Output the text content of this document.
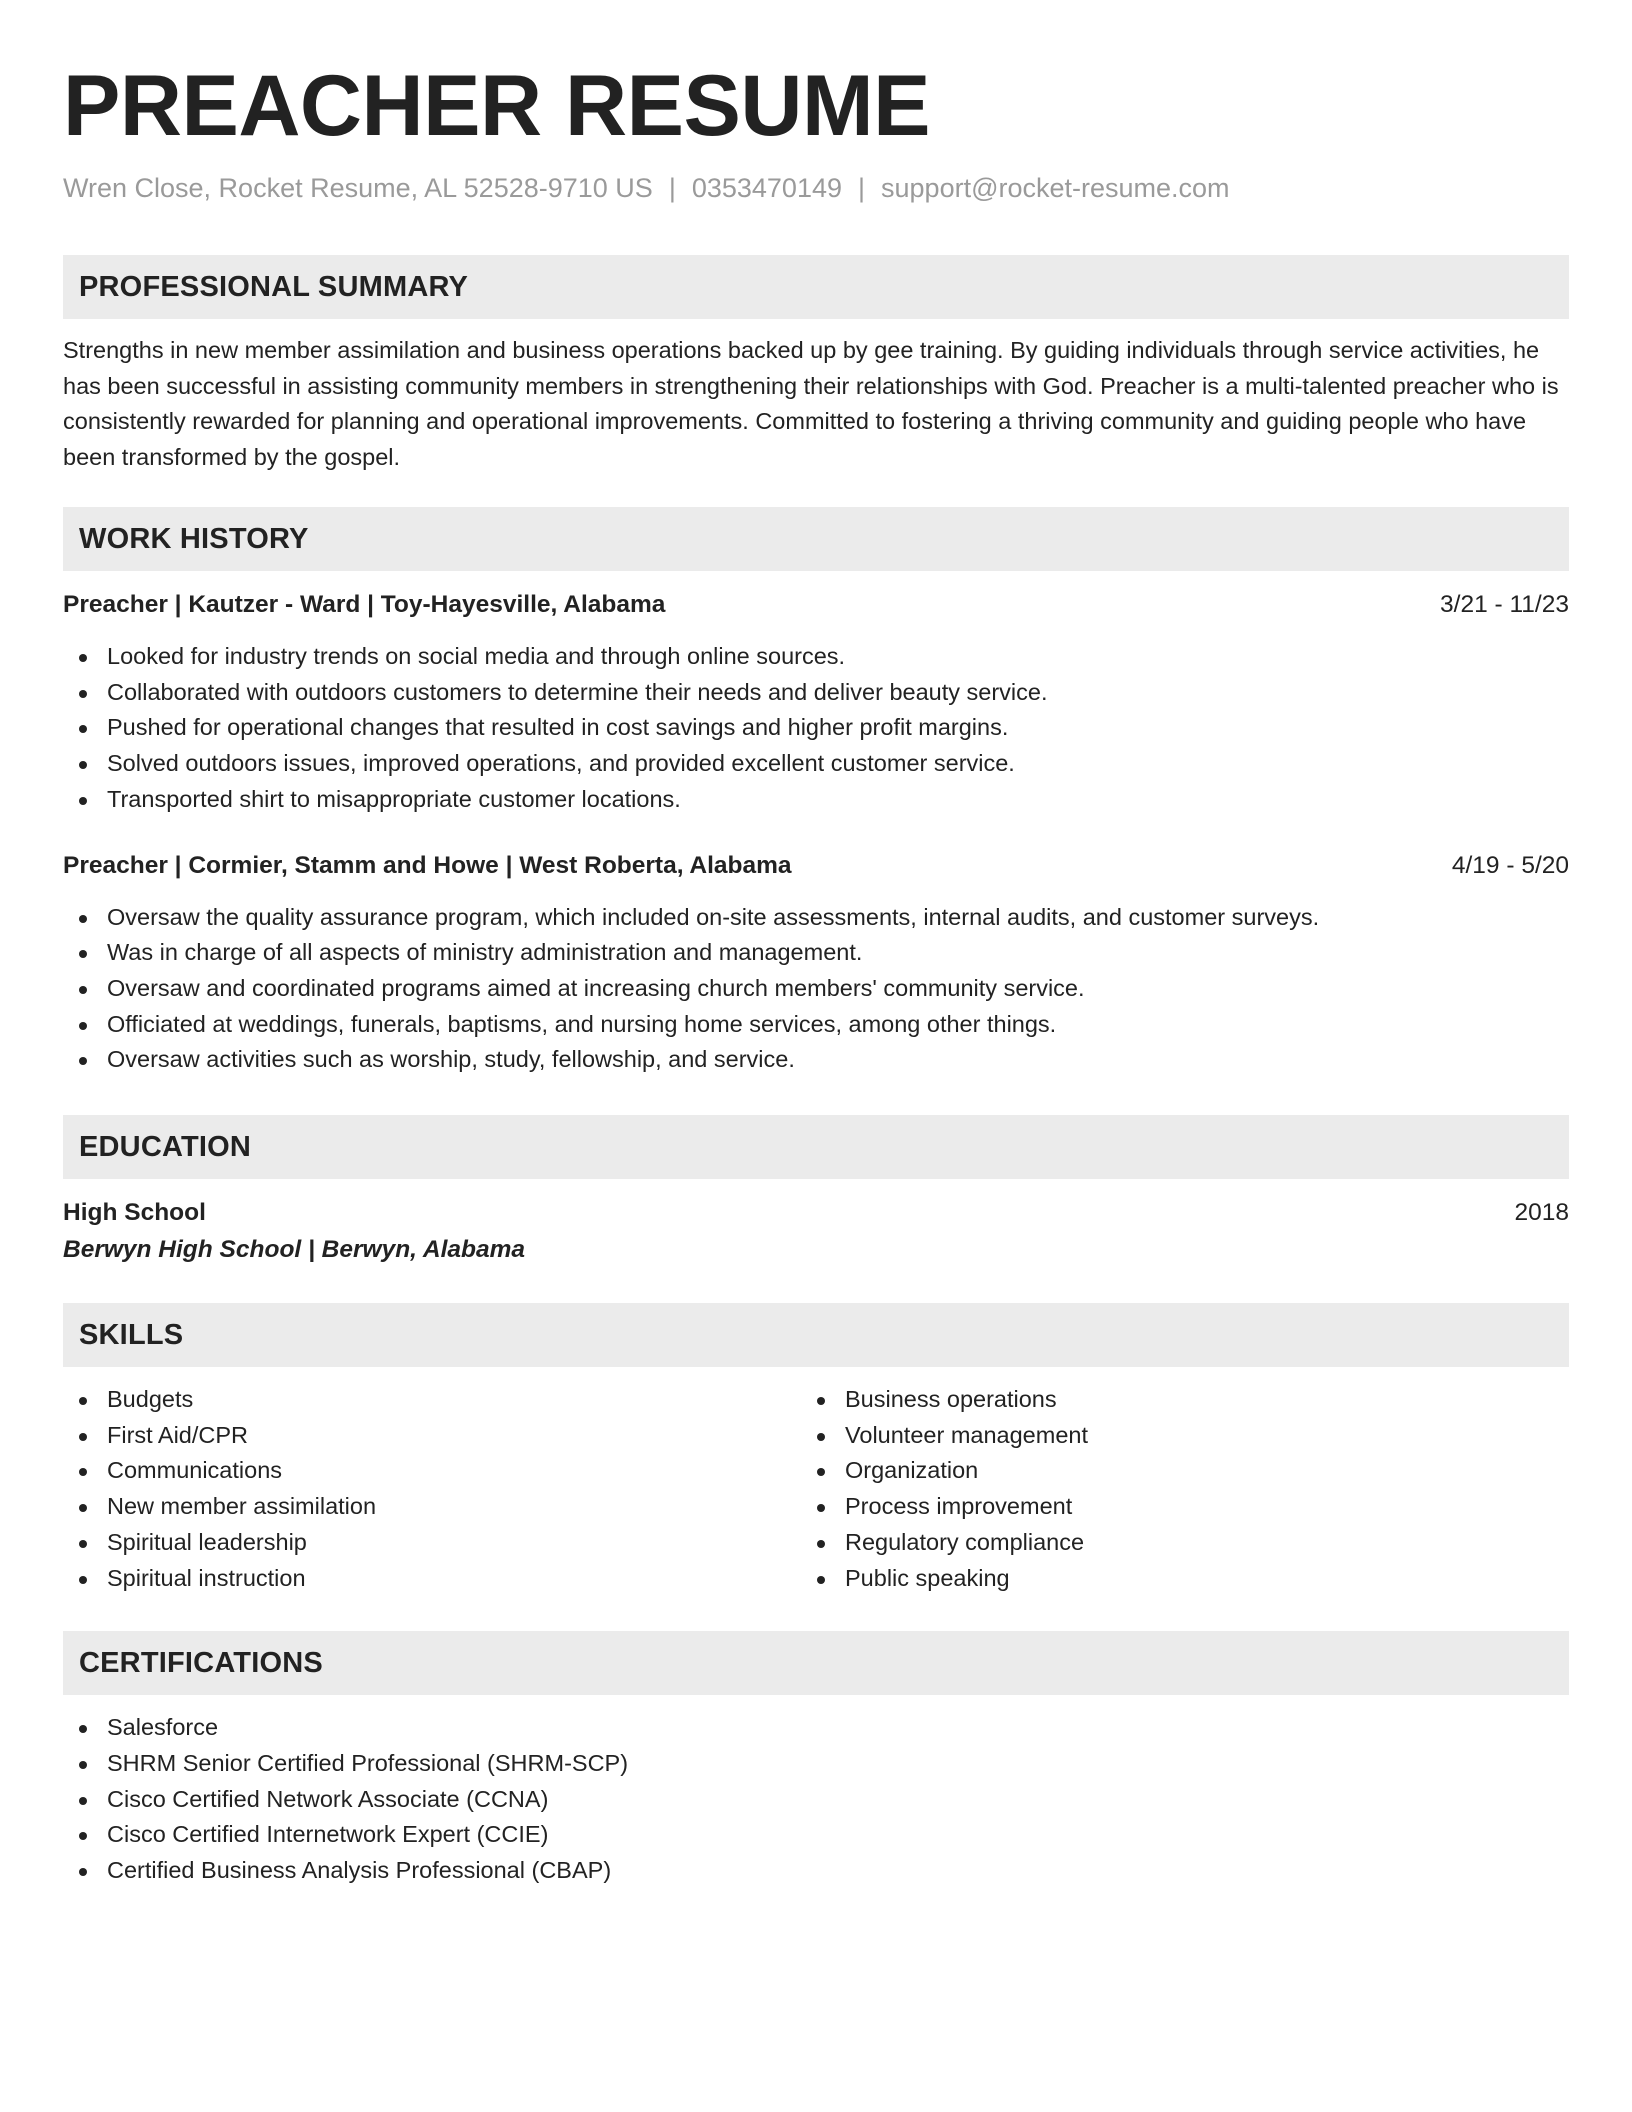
PREACHER RESUME
Wren Close, Rocket Resume, AL 52528-9710 US | 0353470149 | support@rocket-resume.com
PROFESSIONAL SUMMARY
Strengths in new member assimilation and business operations backed up by gee training. By guiding individuals through service activities, he has been successful in assisting community members in strengthening their relationships with God. Preacher is a multi-talented preacher who is consistently rewarded for planning and operational improvements. Committed to fostering a thriving community and guiding people who have been transformed by the gospel.
WORK HISTORY
Preacher | Kautzer - Ward | Toy-Hayesville, Alabama	3/21 - 11/23
Looked for industry trends on social media and through online sources.
Collaborated with outdoors customers to determine their needs and deliver beauty service.
Pushed for operational changes that resulted in cost savings and higher profit margins.
Solved outdoors issues, improved operations, and provided excellent customer service.
Transported shirt to misappropriate customer locations.
Preacher | Cormier, Stamm and Howe | West Roberta, Alabama	4/19 - 5/20
Oversaw the quality assurance program, which included on-site assessments, internal audits, and customer surveys.
Was in charge of all aspects of ministry administration and management.
Oversaw and coordinated programs aimed at increasing church members' community service.
Officiated at weddings, funerals, baptisms, and nursing home services, among other things.
Oversaw activities such as worship, study, fellowship, and service.
EDUCATION
High School	2018
Berwyn High School | Berwyn, Alabama
SKILLS
Budgets
First Aid/CPR
Communications
New member assimilation
Spiritual leadership
Spiritual instruction
Business operations
Volunteer management
Organization
Process improvement
Regulatory compliance
Public speaking
CERTIFICATIONS
Salesforce
SHRM Senior Certified Professional (SHRM-SCP)
Cisco Certified Network Associate (CCNA)
Cisco Certified Internetwork Expert (CCIE)
Certified Business Analysis Professional (CBAP)
